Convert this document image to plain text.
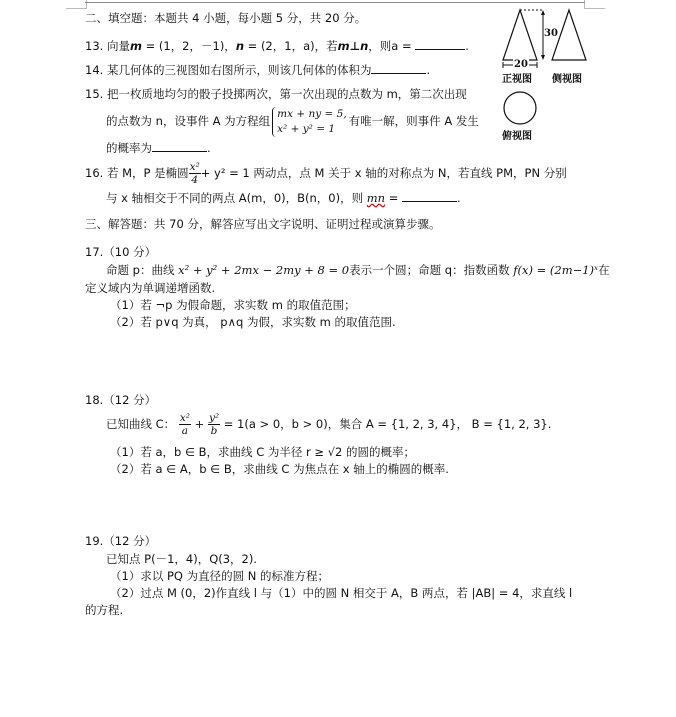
二、填空题：本题共 4 小题，每小题 5 分，共 20 分。
13. 向量m = (1，2，－1)，n = (2，1，a)，若m⊥n，则a =	.
14. 某几何体的三视图如右图所示，则该几何体的体积为	.
15. 把一枚质地均匀的骰子投掷两次，第一次出现的点数为 m，第二次出现
的点数为 n，设事件 A 为方程组
mx + ny = 5,
x² + y² = 1
有唯一解，则事件 A 发生
的概率为	.
16. 若 M，P 是椭圆 $\frac{\text{x²}}{4} + y^2 = 1$ 两动点，点 M 关于 x 轴的对称点为 N，若直线 PM，PN 分别
与 x 轴相交于不同的两点 A(m，0)，B(n，0)，则 mn =	.
三、解答题：共 70 分，解答应写出文字说明、证明过程或演算步骤。
17.（10 分）
命题 p：曲线 x² + y² + 2mx − 2my + 8 = 0表示一个圆；命题 q：指数函数 f(x) = (2m−1)ˣ在
定义域内为单调递增函数.
（1）若 ¬p 为假命题，求实数 m 的取值范围；
（2）若 p∨q 为真， p∧q 为假，求实数 m 的取值范围.
18.（12 分）
已知曲线 C： $\frac{\text{x²}}{a} + \frac{\text{y²}}{b} = 1(a > 0$，b > 0)，集合 A = {1, 2, 3, 4}， B = {1, 2, 3}.
（1）若 a，b ∈ B，求曲线 C 为半径 r ≥ √2 的圆的概率；
（2）若 a ∈ A，b ∈ B，求曲线 C 为焦点在 x 轴上的椭圆的概率.
19.（12 分）
已知点 P(－1，4)，Q(3，2).
（1）求以 PQ 为直径的圆 N 的标准方程；
（2）过点 M (0，2)作直线 l 与（1）中的圆 N 相交于 A，B 两点，若 |AB| = 4，求直线 l
的方程.
30
20
正视图 侧视图
俯视图
